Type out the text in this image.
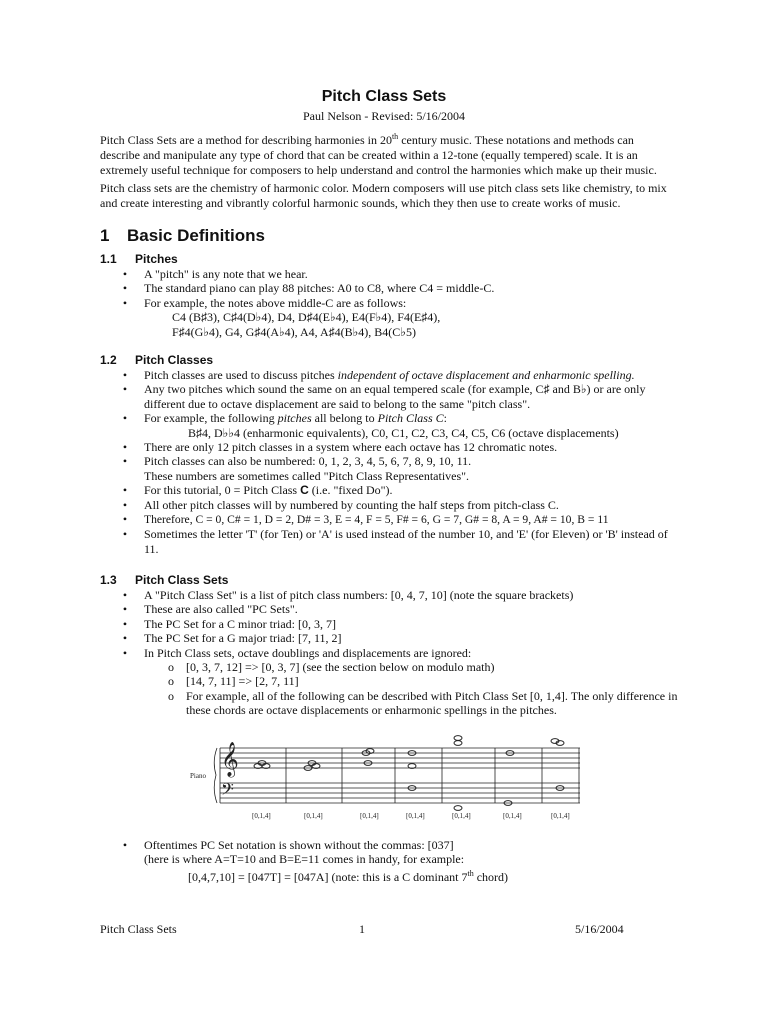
Pitch Class Sets
Paul Nelson - Revised: 5/16/2004

Pitch Class Sets are a method for describing harmonies in 20th century music. These notations and methods can describe and manipulate any type of chord that can be created within a 12-tone (equally tempered) scale. It is an extremely useful technique for composers to help understand and control the harmonies which make up their music.

Pitch class sets are the chemistry of harmonic color. Modern composers will use pitch class sets like chemistry, to mix and create interesting and vibrantly colorful harmonic sounds, which they then use to create works of music.

1 Basic Definitions
1.1 Pitches
• A "pitch" is any note that we hear.
• The standard piano can play 88 pitches: A0 to C8, where C4 = middle-C.
• For example, the notes above middle-C are as follows:
C4 (B♯3), C♯4(D♭4), D4, D♯4(E♭4), E4(F♭4), F4(E♯4),
F♯4(G♭4), G4, G♯4(A♭4), A4, A♯4(B♭4), B4(C♭5)
1.2 Pitch Classes
• Pitch classes are used to discuss pitches independent of octave displacement and enharmonic spelling.
• Any two pitches which sound the same on an equal tempered scale (for example, C♯ and B♭) or are only different due to octave displacement are said to belong to the same "pitch class".
• For example, the following pitches all belong to Pitch Class C:
B♯4, D♭♭4 (enharmonic equivalents), C0, C1, C2, C3, C4, C5, C6 (octave displacements)
• There are only 12 pitch classes in a system where each octave has 12 chromatic notes.
• Pitch classes can also be numbered: 0, 1, 2, 3, 4, 5, 6, 7, 8, 9, 10, 11.
These numbers are sometimes called "Pitch Class Representatives".
• For this tutorial, 0 = Pitch Class C (i.e. "fixed Do").
• All other pitch classes will by numbered by counting the half steps from pitch-class C.
• Therefore, C = 0, C# = 1, D = 2, D# = 3, E = 4, F = 5, F# = 6, G = 7, G# = 8, A = 9, A# = 10, B = 11
• Sometimes the letter 'T' (for Ten) or 'A' is used instead of the number 10, and 'E' (for Eleven) or 'B' instead of 11.
1.3 Pitch Class Sets
• A "Pitch Class Set" is a list of pitch class numbers: [0, 4, 7, 10] (note the square brackets)
• These are also called "PC Sets".
• The PC Set for a C minor triad: [0, 3, 7]
• The PC Set for a G major triad: [7, 11, 2]
• In Pitch Class sets, octave doublings and displacements are ignored:
o [0, 3, 7, 12] => [0, 3, 7] (see the section below on modulo math)
o [14, 7, 11] => [2, 7, 11]
o For example, all of the following can be described with Pitch Class Set [0, 1,4]. The only difference in these chords are octave displacements or enharmonic spellings in the pitches.
𝄞
𝄢
Piano
[0,1,4]	[0,1,4]	[0,1,4]	[0,1,4]	[0,1,4]	[0,1,4]	[0,1,4]
• Oftentimes PC Set notation is shown without the commas: [037]
(here is where A=T=10 and B=E=11 comes in handy, for example:
[0,4,7,10] = [047T] = [047A] (note: this is a C dominant 7th chord)
Pitch Class Sets	1	5/16/2004
